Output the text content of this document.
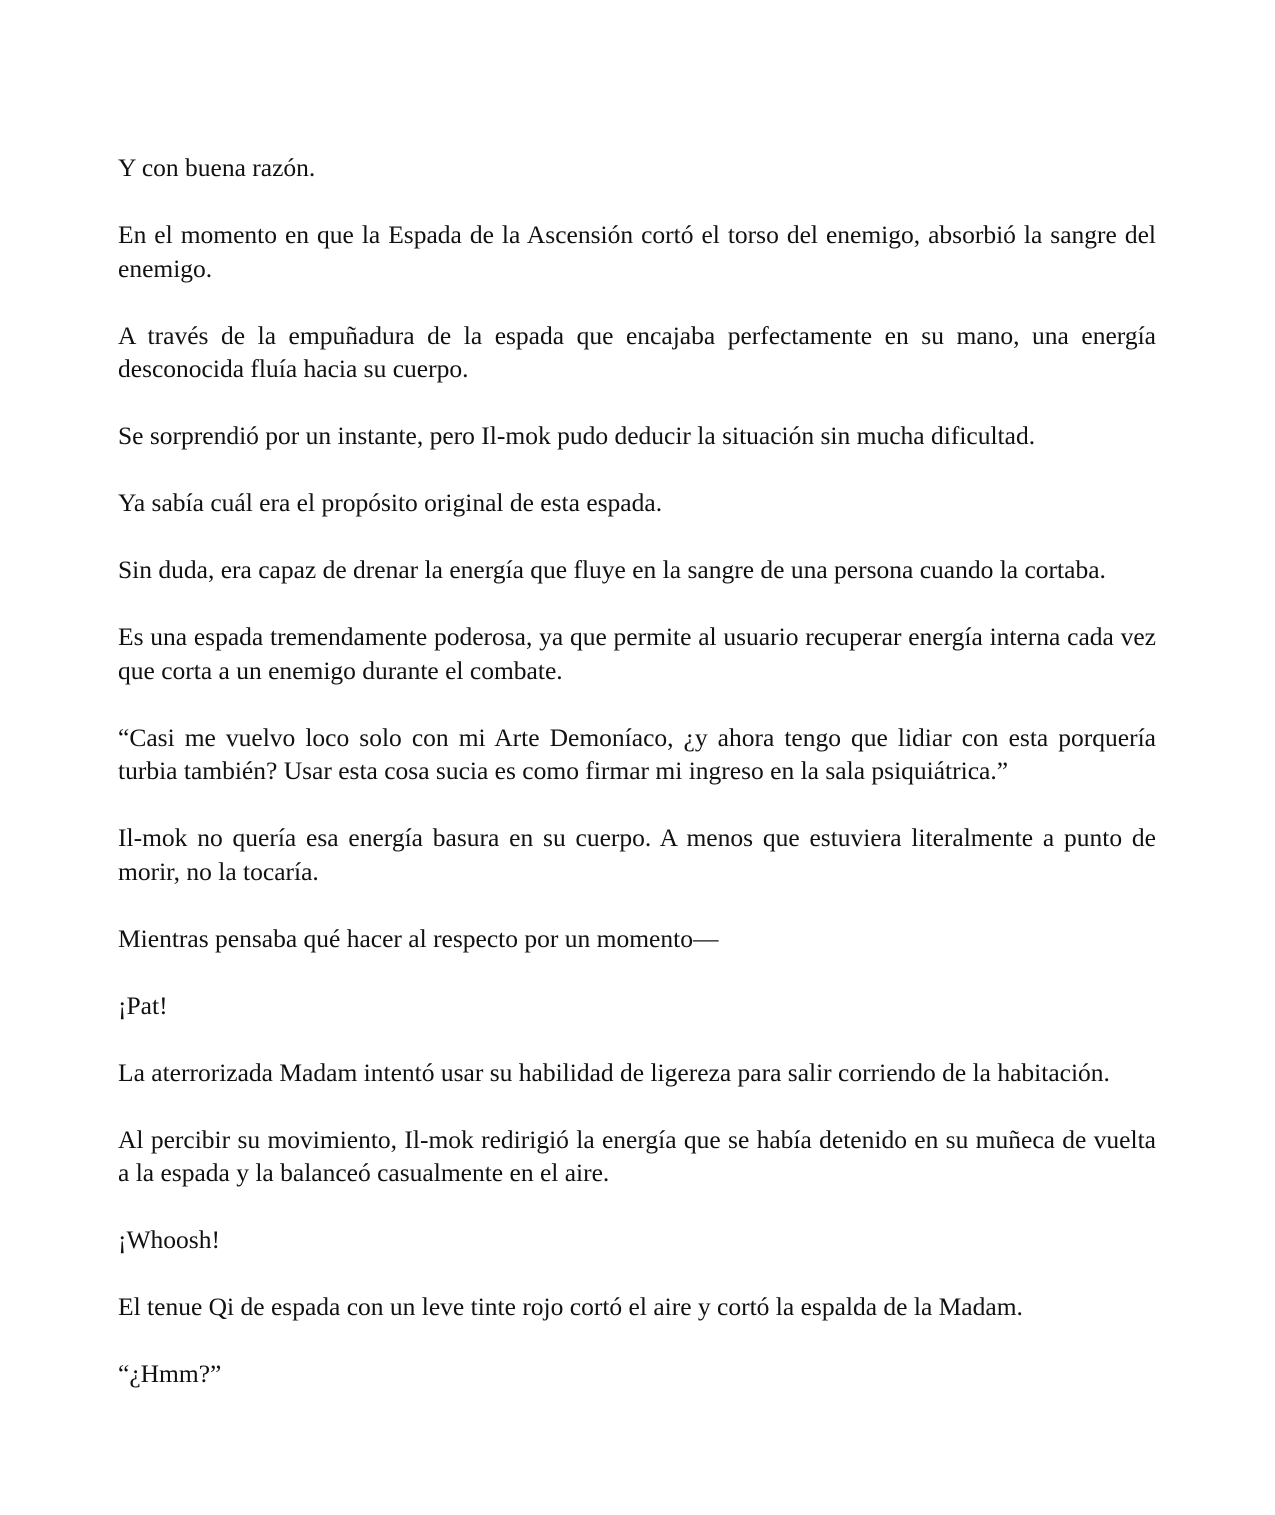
Y con buena razón.

En el momento en que la Espada de la Ascensión cortó el torso del enemigo, absorbió la sangre del enemigo.

A través de la empuñadura de la espada que encajaba perfectamente en su mano, una energía desconocida fluía hacia su cuerpo.

Se sorprendió por un instante, pero Il-mok pudo deducir la situación sin mucha dificultad.

Ya sabía cuál era el propósito original de esta espada.

Sin duda, era capaz de drenar la energía que fluye en la sangre de una persona cuando la cortaba.

Es una espada tremendamente poderosa, ya que permite al usuario recuperar energía interna cada vez que corta a un enemigo durante el combate.

“Casi me vuelvo loco solo con mi Arte Demoníaco, ¿y ahora tengo que lidiar con esta porquería turbia también? Usar esta cosa sucia es como firmar mi ingreso en la sala psiquiátrica.”

Il-mok no quería esa energía basura en su cuerpo. A menos que estuviera literalmente a punto de morir, no la tocaría.

Mientras pensaba qué hacer al respecto por un momento—

¡Pat!

La aterrorizada Madam intentó usar su habilidad de ligereza para salir corriendo de la habitación.

Al percibir su movimiento, Il-mok redirigió la energía que se había detenido en su muñeca de vuelta a la espada y la balanceó casualmente en el aire.

¡Whoosh!

El tenue Qi de espada con un leve tinte rojo cortó el aire y cortó la espalda de la Madam.

“¿Hmm?”
